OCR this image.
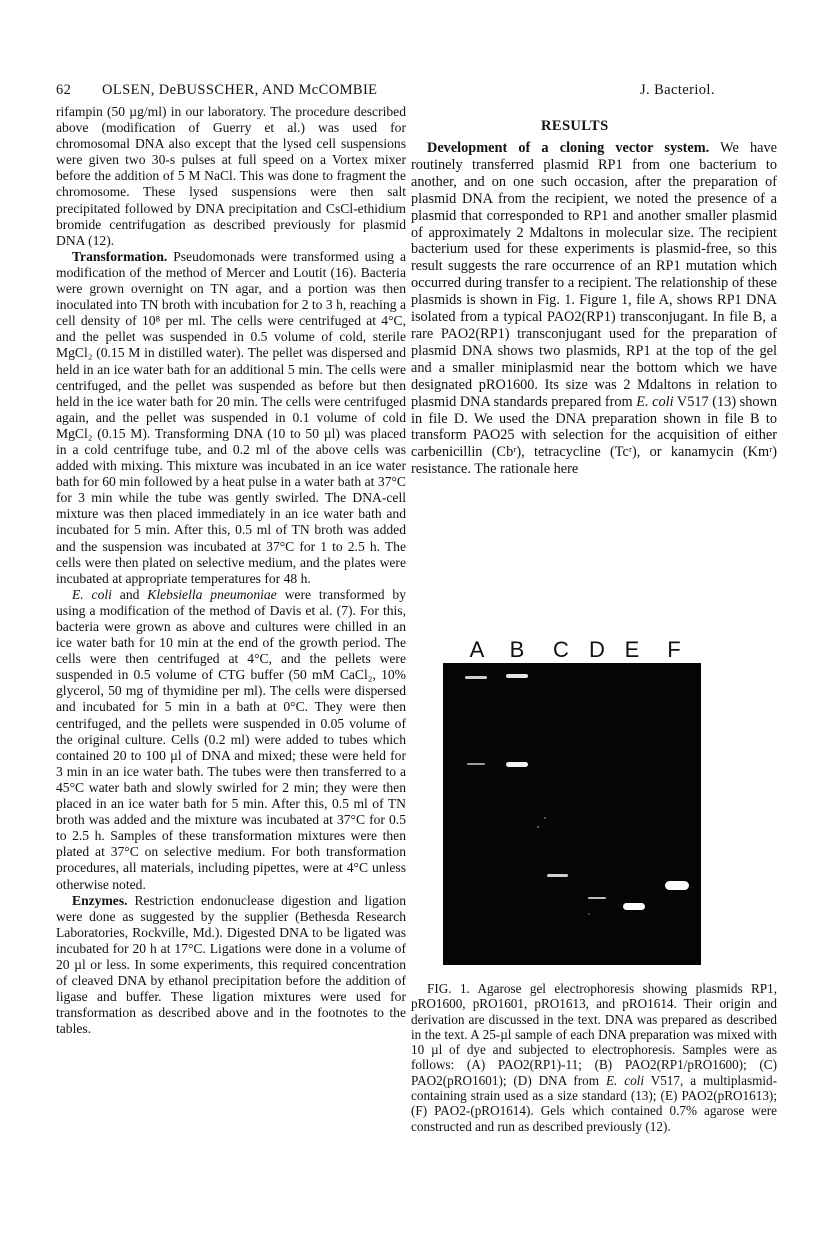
62 OLSEN, DeBUSSCHER, AND McCOMBIE	J. Bacteriol.

rifampin (50 µg/ml) in our laboratory. The procedure described above (modification of Guerry et al.) was used for chromosomal DNA also except that the lysed cell suspensions were given two 30-s pulses at full speed on a Vortex mixer before the addition of 5 M NaCl. This was done to fragment the chromosome. These lysed suspensions were then salt precipitated followed by DNA precipitation and CsCl-ethidium bromide centrifugation as described previously for plasmid DNA (12).

Transformation. Pseudomonads were transformed using a modification of the method of Mercer and Loutit (16). Bacteria were grown overnight on TN agar, and a portion was then inoculated into TN broth with incubation for 2 to 3 h, reaching a cell density of 10⁸ per ml. The cells were centrifuged at 4°C, and the pellet was suspended in 0.5 volume of cold, sterile MgCl₂ (0.15 M in distilled water). The pellet was dispersed and held in an ice water bath for an additional 5 min. The cells were centrifuged, and the pellet was suspended as before but then held in the ice water bath for 20 min. The cells were centrifuged again, and the pellet was suspended in 0.1 volume of cold MgCl₂ (0.15 M). Transforming DNA (10 to 50 µl) was placed in a cold centrifuge tube, and 0.2 ml of the above cells was added with mixing. This mixture was incubated in an ice water bath for 60 min followed by a heat pulse in a water bath at 37°C for 3 min while the tube was gently swirled. The DNA-cell mixture was then placed immediately in an ice water bath and incubated for 5 min. After this, 0.5 ml of TN broth was added and the suspension was incubated at 37°C for 1 to 2.5 h. The cells were then plated on selective medium, and the plates were incubated at appropriate temperatures for 48 h.

E. coli and Klebsiella pneumoniae were transformed by using a modification of the method of Davis et al. (7). For this, bacteria were grown as above and cultures were chilled in an ice water bath for 10 min at the end of the growth period. The cells were then centrifuged at 4°C, and the pellets were suspended in 0.5 volume of CTG buffer (50 mM CaCl₂, 10% glycerol, 50 mg of thymidine per ml). The cells were dispersed and incubated for 5 min in a bath at 0°C. They were then centrifuged, and the pellets were suspended in 0.05 volume of the original culture. Cells (0.2 ml) were added to tubes which contained 20 to 100 µl of DNA and mixed; these were held for 3 min in an ice water bath. The tubes were then transferred to a 45°C water bath and slowly swirled for 2 min; they were then placed in an ice water bath for 5 min. After this, 0.5 ml of TN broth was added and the mixture was incubated at 37°C for 0.5 to 2.5 h. Samples of these transformation mixtures were then plated at 37°C on selective medium. For both transformation procedures, all materials, including pipettes, were at 4°C unless otherwise noted.

Enzymes. Restriction endonuclease digestion and ligation were done as suggested by the supplier (Bethesda Research Laboratories, Rockville, Md.). Digested DNA to be ligated was incubated for 20 h at 17°C. Ligations were done in a volume of 20 µl or less. In some experiments, this required concentration of cleaved DNA by ethanol precipitation before the addition of ligase and buffer. These ligation mixtures were used for transformation as described above and in the footnotes to the tables.

RESULTS

Development of a cloning vector system. We have routinely transferred plasmid RP1 from one bacterium to another, and on one such occasion, after the preparation of plasmid DNA from the recipient, we noted the presence of a plasmid that corresponded to RP1 and another smaller plasmid of approximately 2 Mdaltons in molecular size. The recipient bacterium used for these experiments is plasmid-free, so this result suggests the rare occurrence of an RP1 mutation which occurred during transfer to a recipient. The relationship of these plasmids is shown in Fig. 1. Figure 1, file A, shows RP1 DNA isolated from a typical PAO2(RP1) transconjugant. In file B, a rare PAO2(RP1) transconjugant used for the preparation of plasmid DNA shows two plasmids, RP1 at the top of the gel and a smaller miniplasmid near the bottom which we have designated pRO1600. Its size was 2 Mdaltons in relation to plasmid DNA standards prepared from E. coli V517 (13) shown in file D. We used the DNA preparation shown in file B to transform PAO25 with selection for the acquisition of either carbenicillin (Cbʳ), tetracycline (Tcʳ), or kanamycin (Kmʳ) resistance. The rationale here

A B C D E F

FIG. 1. Agarose gel electrophoresis showing plasmids RP1, pRO1600, pRO1601, pRO1613, and pRO1614. Their origin and derivation are discussed in the text. DNA was prepared as described in the text. A 25-µl sample of each DNA preparation was mixed with 10 µl of dye and subjected to electrophoresis. Samples were as follows: (A) PAO2(RP1)-11; (B) PAO2(RP1/pRO1600); (C) PAO2(pRO1601); (D) DNA from E. coli V517, a multiplasmid-containing strain used as a size standard (13); (E) PAO2(pRO1613); (F) PAO2-(pRO1614). Gels which contained 0.7% agarose were constructed and run as described previously (12).
